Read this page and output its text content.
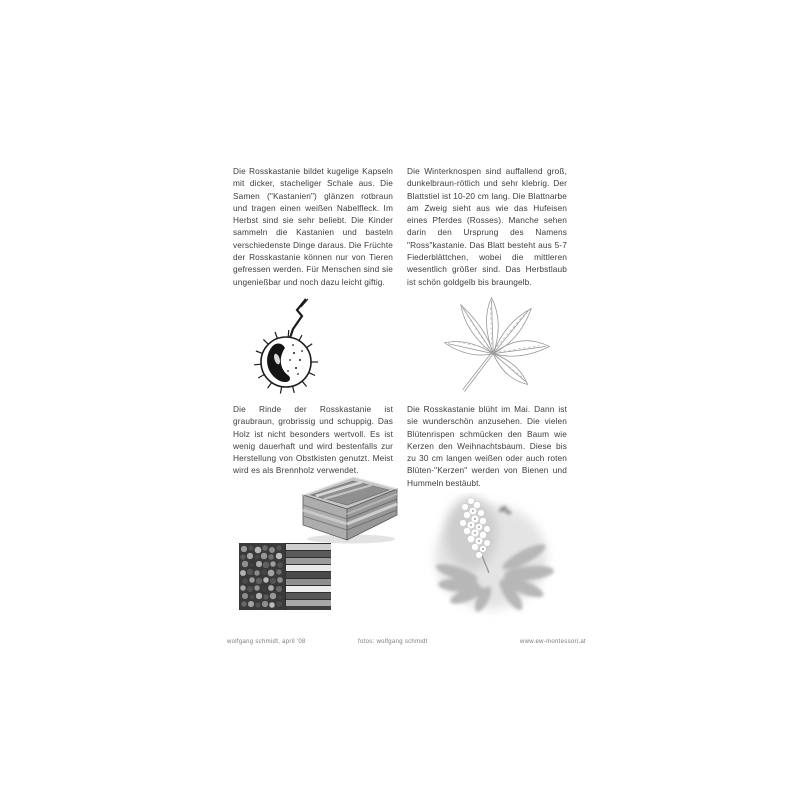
Die Rosskastanie bildet kugelige Kapseln mit dicker, stacheliger Schale aus. Die Samen ("Kastanien") glänzen rotbraun und tragen einen weißen Nabelfleck. Im Herbst sind sie sehr beliebt. Die Kinder sammeln die Kastanien und basteln verschiedenste Dinge daraus. Die Früchte der Rosskastanie können nur von Tieren gefressen werden. Für Menschen sind sie ungenießbar und noch dazu leicht giftig.
Die Winterknospen sind auffallend groß, dunkelbraun-rötlich und sehr klebrig. Der Blattstiel ist 10-20 cm lang. Die Blattnarbe am Zweig sieht aus wie das Hufeisen eines Pferdes (Rosses). Manche sehen darin den Ursprung des Namens "Ross"kastanie. Das Blatt besteht aus 5-7 Fiederblättchen, wobei die mittleren wesentlich größer sind. Das Herbstlaub ist schön goldgelb bis braungelb.
Die Rinde der Rosskastanie ist graubraun, grobrissig und schuppig. Das Holz ist nicht besonders wertvoll. Es ist wenig dauerhaft und wird bestenfalls zur Herstellung von Obstkisten genutzt. Meist wird es als Brennholz verwendet.
Die Rosskastanie blüht im Mai. Dann ist sie wunderschön anzusehen. Die vielen Blütenrispen schmücken den Baum wie Kerzen den Weihnachtsbaum. Diese bis zu 30 cm langen weißen oder auch roten Blüten-"Kerzen" werden von Bienen und Hummeln bestäubt.
wolfgang schmidt, april '08	fotos: wolfgang schmidt	www.ew-montessori.at
